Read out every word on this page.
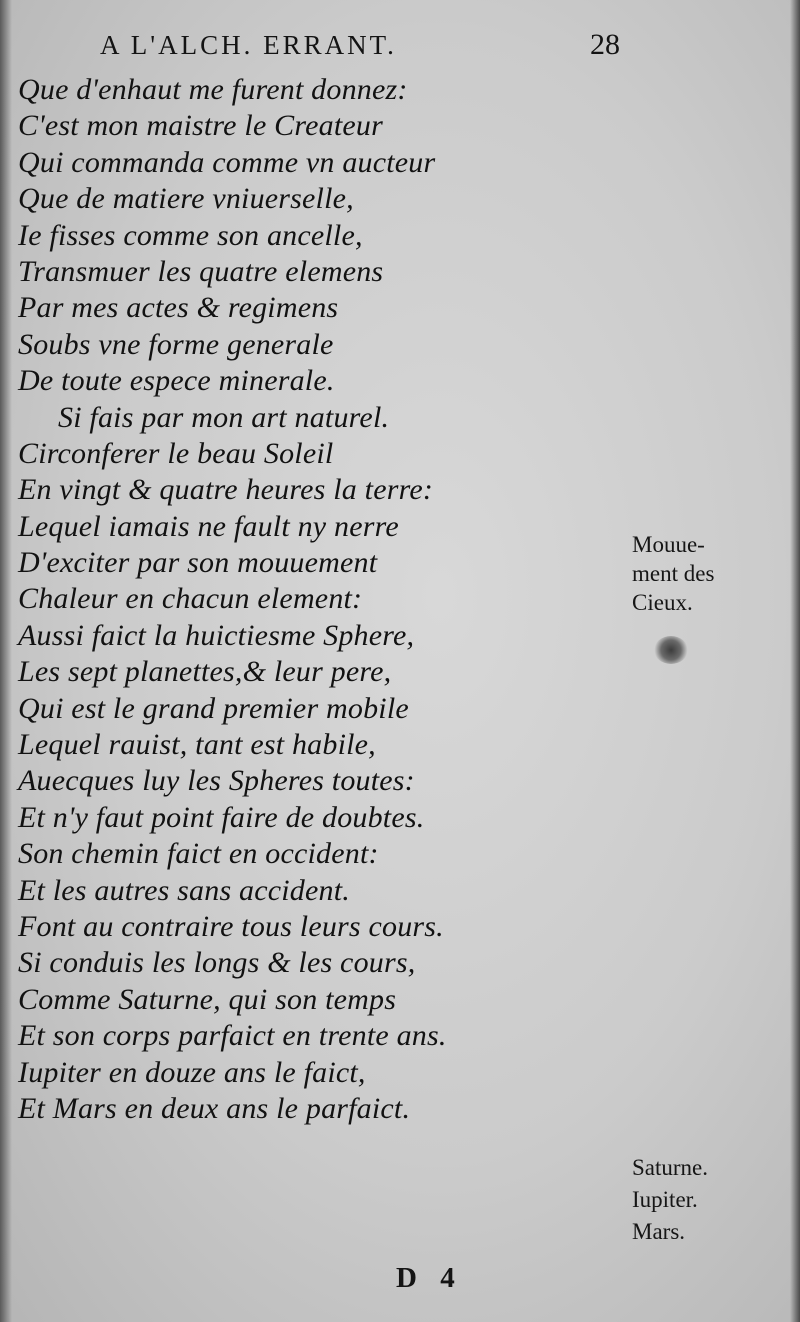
A L'ALCH. ERRANT.	28
Que d'enhaut me furent donnez:
C'est mon maistre le Createur
Qui commanda comme vn aucteur
Que de matiere vniuerselle,
Ie fisses comme son ancelle,
Transmuer les quatre elemens
Par mes actes & regimens
Soubs vne forme generale
De toute espece minerale.
Si fais par mon art naturel.
Circonferer le beau Soleil
En vingt & quatre heures la terre:
Lequel iamais ne fault ny nerre
D'exciter par son mouuement
Chaleur en chacun element:
Aussi faict la huictiesme Sphere,
Les sept planettes,& leur pere,
Qui est le grand premier mobile
Lequel rauist, tant est habile,
Auecques luy les Spheres toutes:
Et n'y faut point faire de doubtes.
Son chemin faict en occident:
Et les autres sans accident.
Font au contraire tous leurs cours.
Si conduis les longs & les cours,
Comme Saturne, qui son temps
Et son corps parfaict en trente ans.
Iupiter en douze ans le faict,
Et Mars en deux ans le parfaict.
Mouue-
ment des
Cieux.
Saturne.
Iupiter.
Mars.
D 4
